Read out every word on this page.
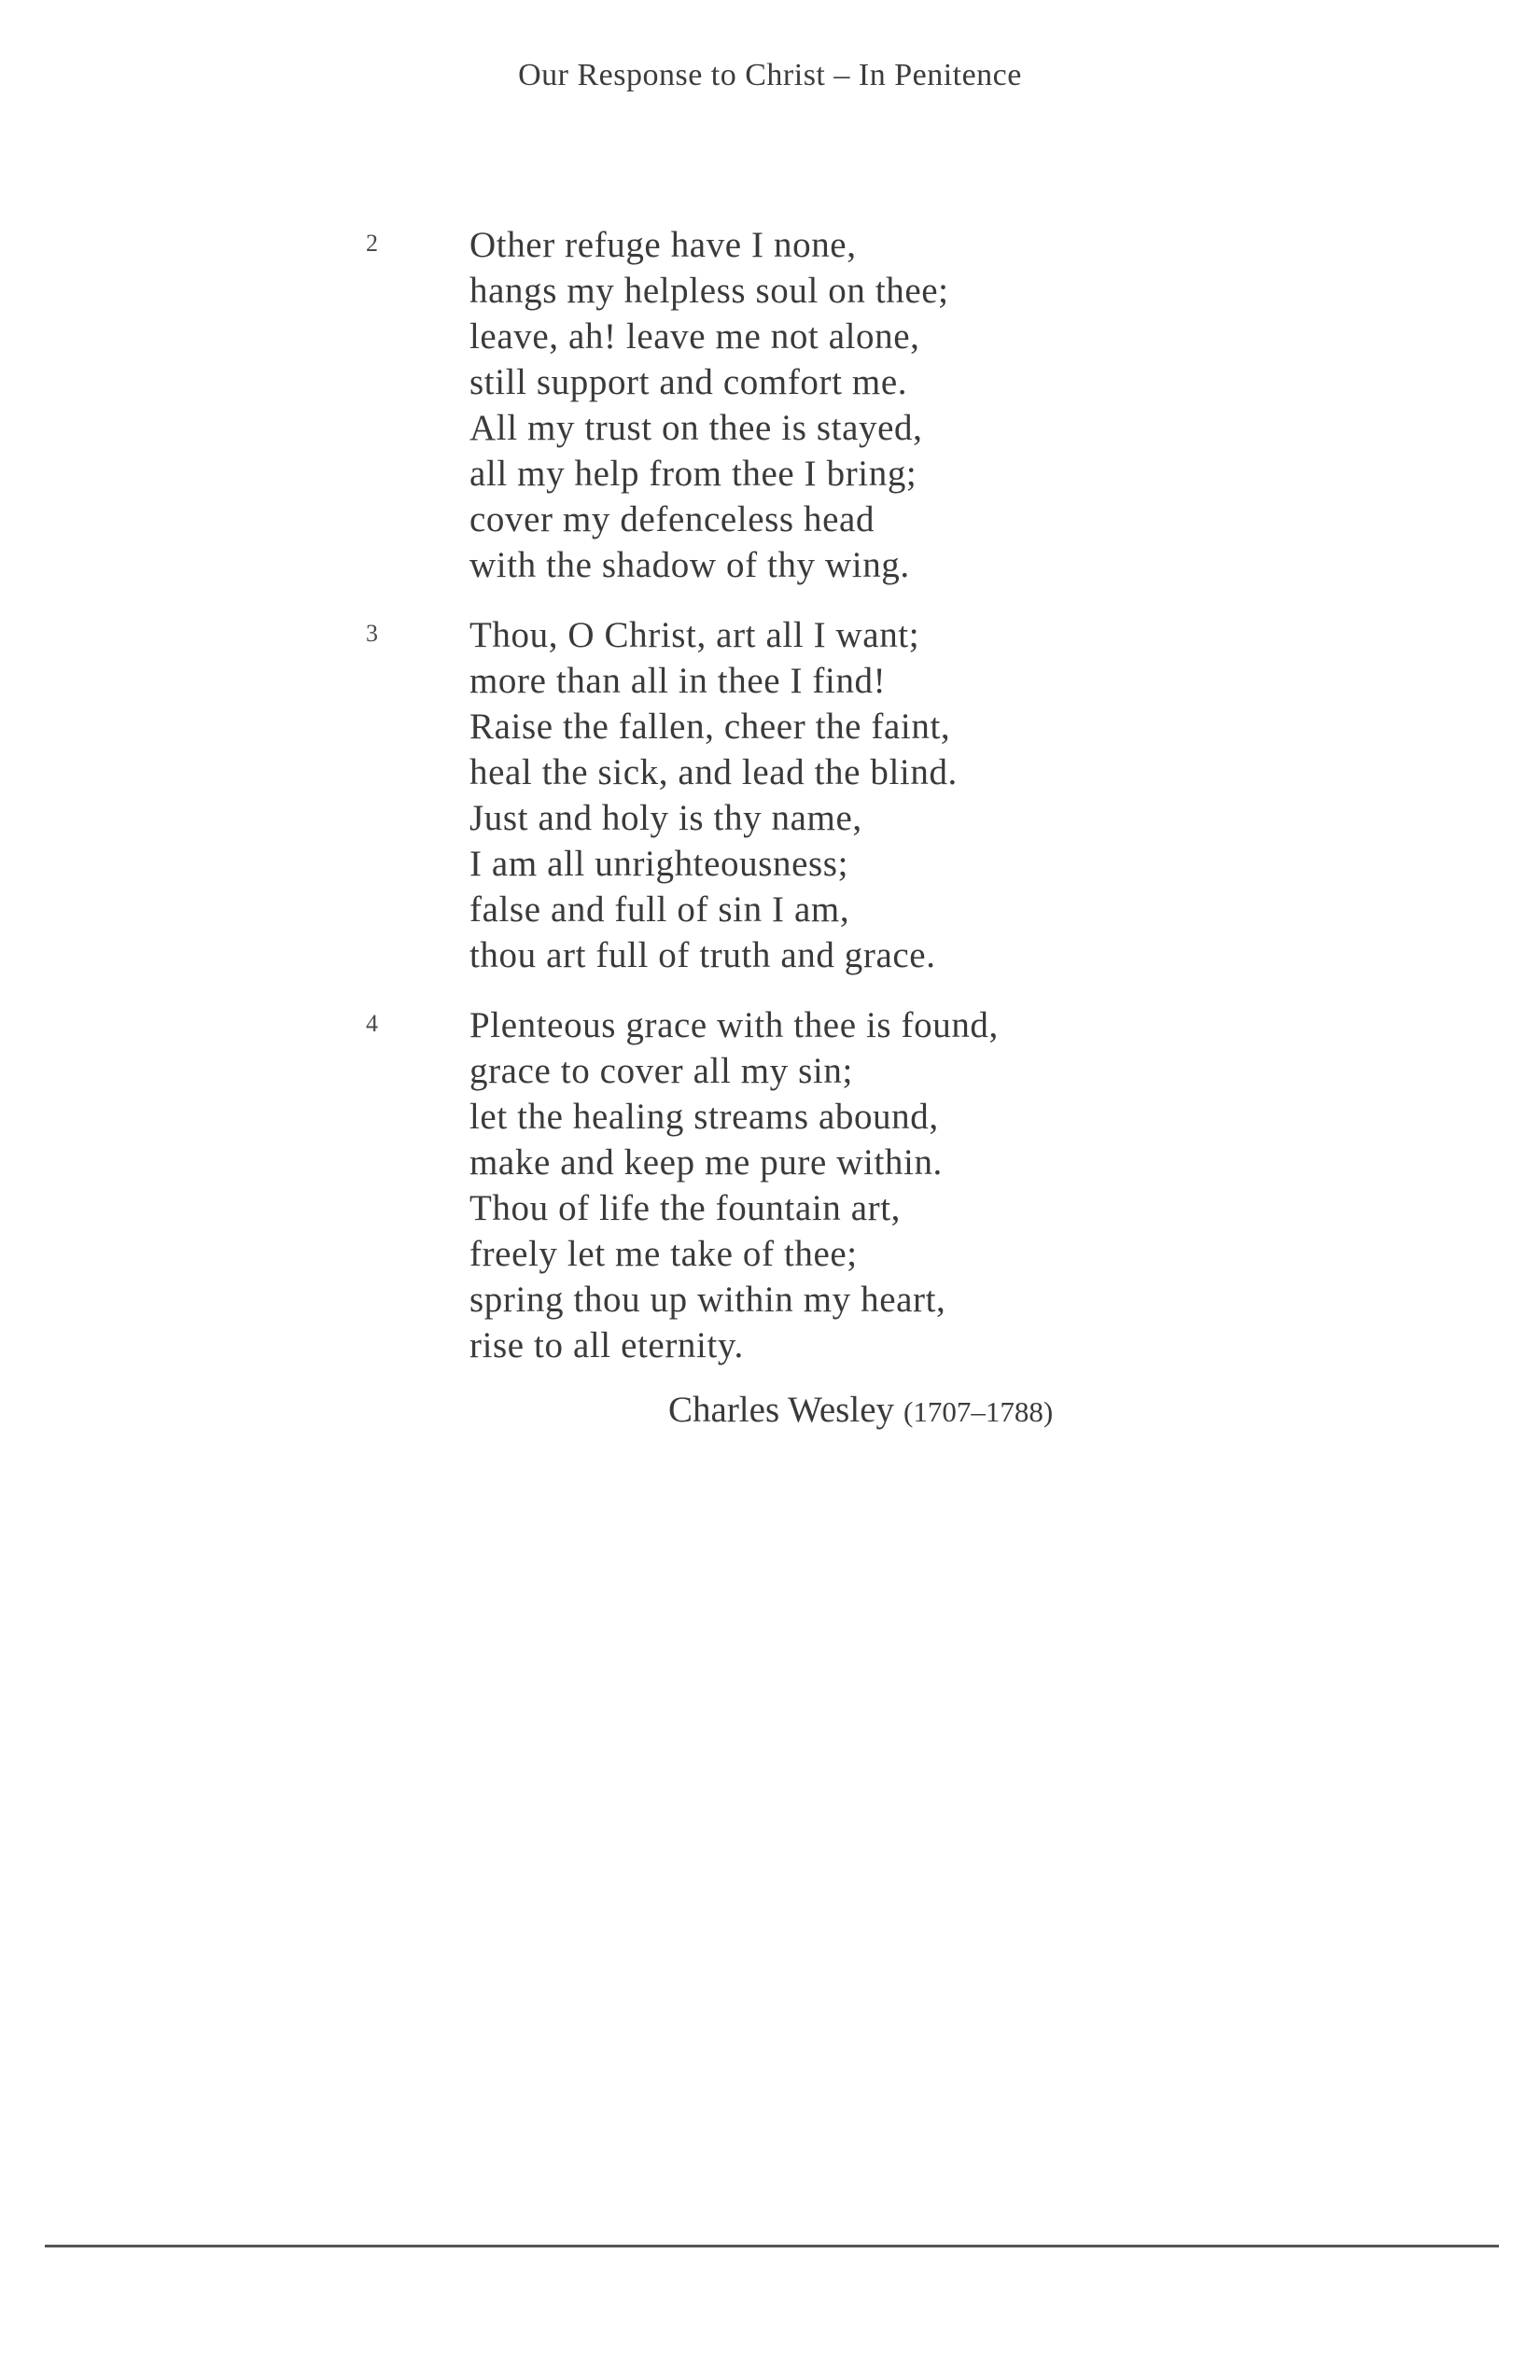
Our Response to Christ – In Penitence
2	Other refuge have I none,
hangs my helpless soul on thee;
leave, ah! leave me not alone,
still support and comfort me.
All my trust on thee is stayed,
all my help from thee I bring;
cover my defenceless head
with the shadow of thy wing.
3	Thou, O Christ, art all I want;
more than all in thee I find!
Raise the fallen, cheer the faint,
heal the sick, and lead the blind.
Just and holy is thy name,
I am all unrighteousness;
false and full of sin I am,
thou art full of truth and grace.
4	Plenteous grace with thee is found,
grace to cover all my sin;
let the healing streams abound,
make and keep me pure within.
Thou of life the fountain art,
freely let me take of thee;
spring thou up within my heart,
rise to all eternity.
Charles Wesley (1707–1788)
